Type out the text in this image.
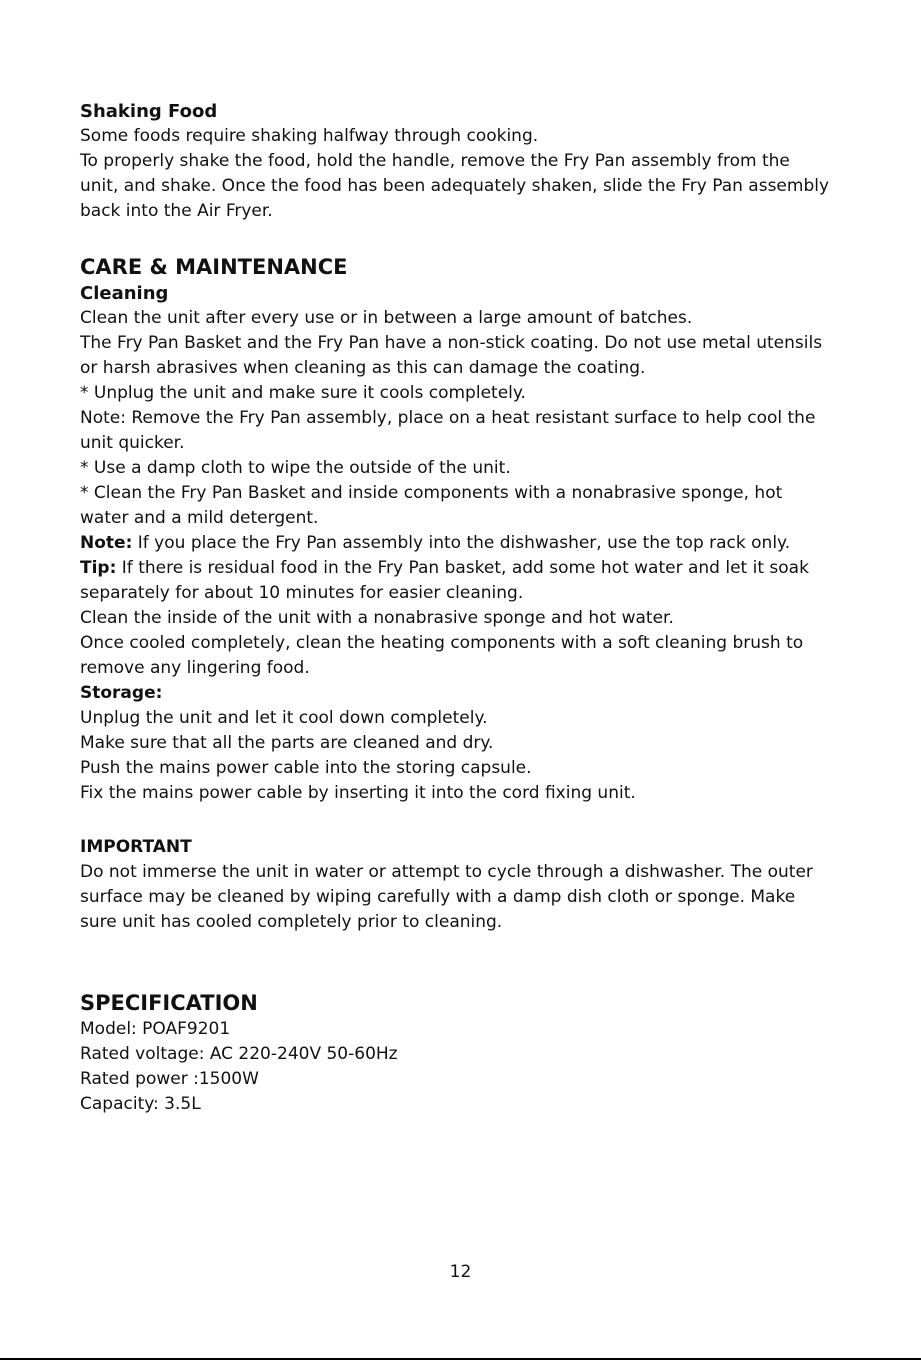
Shaking Food
Some foods require shaking halfway through cooking.
To properly shake the food, hold the handle, remove the Fry Pan assembly from the
unit, and shake. Once the food has been adequately shaken, slide the Fry Pan assembly
back into the Air Fryer.
CARE & MAINTENANCE
Cleaning
Clean the unit after every use or in between a large amount of batches.
The Fry Pan Basket and the Fry Pan have a non-stick coating. Do not use metal utensils
or harsh abrasives when cleaning as this can damage the coating.
* Unplug the unit and make sure it cools completely.
Note: Remove the Fry Pan assembly, place on a heat resistant surface to help cool the
unit quicker.
* Use a damp cloth to wipe the outside of the unit.
* Clean the Fry Pan Basket and inside components with a nonabrasive sponge, hot
water and a mild detergent.
Note: If you place the Fry Pan assembly into the dishwasher, use the top rack only.
Tip: If there is residual food in the Fry Pan basket, add some hot water and let it soak
separately for about 10 minutes for easier cleaning.
Clean the inside of the unit with a nonabrasive sponge and hot water.
Once cooled completely, clean the heating components with a soft cleaning brush to
remove any lingering food.
Storage:
Unplug the unit and let it cool down completely.
Make sure that all the parts are cleaned and dry.
Push the mains power cable into the storing capsule.
Fix the mains power cable by inserting it into the cord fixing unit.
IMPORTANT
Do not immerse the unit in water or attempt to cycle through a dishwasher. The outer
surface may be cleaned by wiping carefully with a damp dish cloth or sponge. Make
sure unit has cooled completely prior to cleaning.
SPECIFICATION
Model: POAF9201
Rated voltage: AC 220-240V 50-60Hz
Rated power :1500W
Capacity: 3.5L
12
